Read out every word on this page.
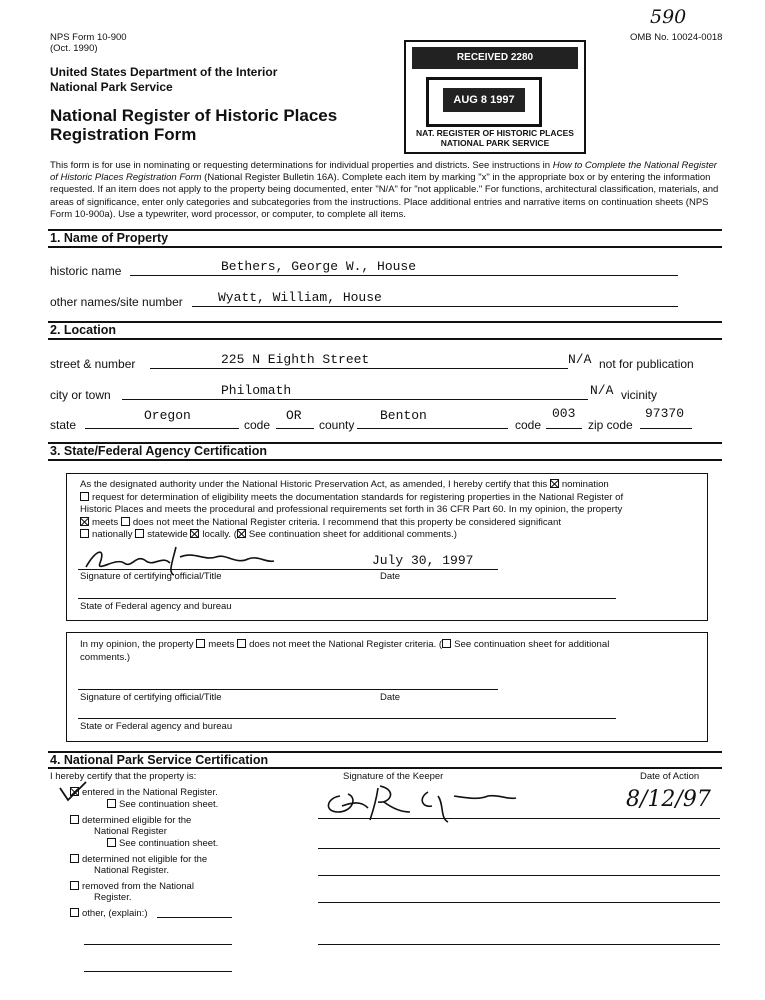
NPS Form 10-900
(Oct. 1990)
OMB No. 10024-0018
590
United States Department of the Interior
National Park Service
National Register of Historic Places
Registration Form
RECEIVED 2280
AUG 8 1997
NAT. REGISTER OF HISTORIC PLACES
NATIONAL PARK SERVICE
This form is for use in nominating or requesting determinations for individual properties and districts. See instructions in How to Complete the National Register of Historic Places Registration Form (National Register Bulletin 16A). Complete each item by marking "x" in the appropriate box or by entering the information requested. If an item does not apply to the property being documented, enter "N/A" for "not applicable." For functions, architectural classification, materials, and areas of significance, enter only categories and subcategories from the instructions. Place additional entries and narrative items on continuation sheets (NPS Form 10-900a). Use a typewriter, word processor, or computer, to complete all items.
1. Name of Property
historic name	Bethers, George W., House
other names/site number	Wyatt, William, House
2. Location
street & number	225 N Eighth Street	N/A not for publication
city or town	Philomath	N/A vicinity
state
Oregon
code
OR
county
Benton
code
003
zip code
97370
3. State/Federal Agency Certification
As the designated authority under the National Historic Preservation Act, as amended, I hereby certify that this nomination
request for determination of eligibility meets the documentation standards for registering properties in the National Register of
Historic Places and meets the procedural and professional requirements set forth in 36 CFR Part 60. In my opinion, the property
meets does not meet the National Register criteria. I recommend that this property be considered significant
nationally statewide locally. ( See continuation sheet for additional comments.)
July 30, 1997
Signature of certifying official/Title	Date
State of Federal agency and bureau
In my opinion, the property meets does not meet the National Register criteria. ( See continuation sheet for additional
comments.)
Signature of certifying official/Title	Date
State or Federal agency and bureau
4. National Park Service Certification
I hereby certify that the property is:
entered in the National Register.
See continuation sheet.
determined eligible for the
National Register
See continuation sheet.
determined not eligible for the
National Register.
removed from the National
Register.
other, (explain:)
Signature of the Keeper	Date of Action
8/12/97
